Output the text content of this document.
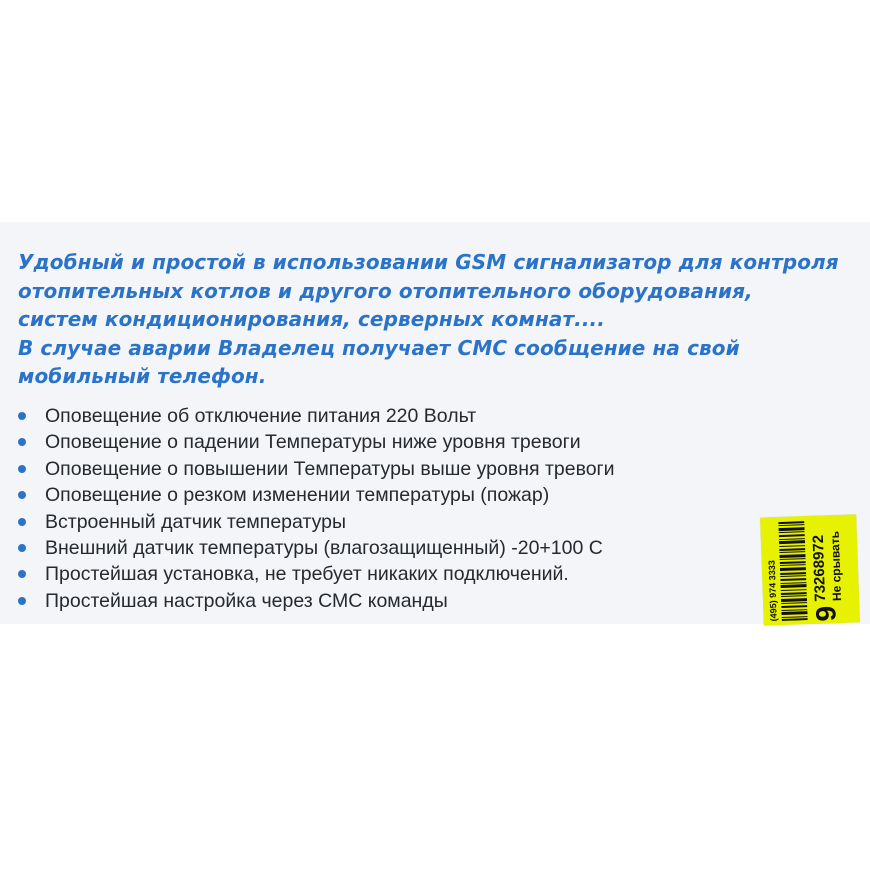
Удобный и простой в использовании GSM сигнализатор для контроля
отопительных котлов и другого отопительного оборудования,
систем кондиционирования, серверных комнат....
В случае аварии Владелец получает СМС сообщение на свой
мобильный телефон.

Оповещение об отключение питания 220 Вольт
Оповещение о падении Температуры ниже уровня тревоги
Оповещение о повышении Температуры выше уровня тревоги
Оповещение о резком изменении температуры (пожар)
Встроенный датчик температуры
Внешний датчик температуры (влагозащищенный) -20+100 С
Простейшая установка, не требует никаких подключений.
Простейшая настройка через СМС команды	(495) 974 3333 9
73268972
Не срывать
